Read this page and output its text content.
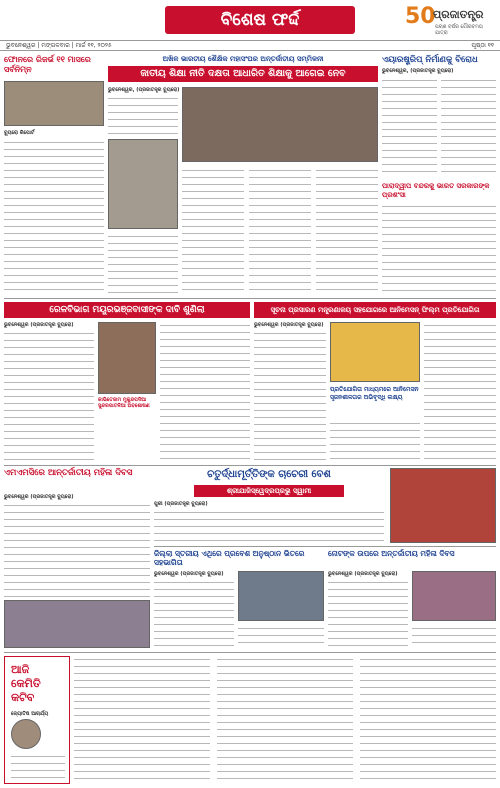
ବିଶେଷ ଫର୍ଦ୍ଦ	50
ପ୍ରଜାତନ୍ତ୍ର
ପଚାଶ ବର୍ଷର ଗୌରବମୟ ଯାତ୍ରା
ଭୁବନେଶ୍ୱର | ମଙ୍ଗଳବାର | ମାର୍ଚ୍ଚ ୧୧, ୨୦୨୫	ପୃଷ୍ଠା ୧୧
ଫୋନରେ ରିଜର୍ଭ ୧୧ ମାସରେ ସର୍ବନିମ୍ନ
ବ୍ୟୁରୋ ରିପୋର୍ଟ
ଅଖିଳ ଭାରତୀୟ ଶୈକ୍ଷିକ ମହାସଂଘର ଅନ୍ତର୍ଜାତୀୟ ସମ୍ମିଳନୀ
ଜାତୀୟ ଶିକ୍ଷା ନୀତି ଦକ୍ଷତା ଆଧାରିତ ଶିକ୍ଷାକୁ ଆଗେଇ ନେବ
ଭୁବନେଶ୍ୱର, (ପ୍ରଜାତନ୍ତ୍ର ବ୍ୟୁରୋ)
ଏୟାରଷ୍ଟ୍ରିପ୍ ନିର୍ମାଣକୁ ବିରୋଧ
ଭୁବନେଶ୍ୱର, (ପ୍ରଜାତନ୍ତ୍ର ବ୍ୟୁରୋ)
ପାରାଦ୍ୱୀପ ବନ୍ଦରକୁ ଭାରତ ସରକାରଙ୍କ ପ୍ରଶଂସା
ରେଳବିଭାଗ ମୟୂରଭଞ୍ଜବାସୀଙ୍କ ଦାବି ଶୁଣିଲା
ଭୁବନେଶ୍ୱର (ପ୍ରଜାତନ୍ତ୍ର ବ୍ୟୁରୋ)
କାଭିତେଜାମ ମୁକୁନ୍ଦପଦିଆ ସୁନ୍ଦରପାତଳିଆ ଅବଶୋଷଣ
ସୂଚନା ପ୍ରସାରଣ ମନ୍ତ୍ରଣାଳୟ ସହଯୋଗରେ ଆନିମେସନ୍ ଫିଲ୍ମ ପ୍ରତିଯୋଗିତା
ଭୁବନେଶ୍ୱର (ପ୍ରଜାତନ୍ତ୍ର ବ୍ୟୁରୋ)
ପ୍ରତିଯୋଗିତା ମାଧ୍ୟମରେ ଆନିମେସନ ସୃଜନଶୀଳତାର ଅଭିବୃଦ୍ଧି ଲକ୍ଷ୍ୟ
ଏମଏମସିରେ ଆନ୍ତର୍ଜାତୀୟ ମହିଳା ଦିବସ
ଭୁବନେଶ୍ୱର (ପ୍ରଜାତନ୍ତ୍ର ବ୍ୟୁରୋ)
ଚତୁର୍ଦ୍ଧାମୂର୍ତ୍ତିଙ୍କ ଚାଚେରୀ ବେଶ
ଶ୍ରୀଯାଜିସ୍ୱେଦ୍ରପ୍ରଭୁ ସ୍ୱାମୀ
ପୁରୀ (ପ୍ରଜାତନ୍ତ୍ର ବ୍ୟୁରୋ)
ଜିଲ୍ଲା ସ୍ତରୀୟ ଏଥିରେ ପ୍ରବେଶ ଅନୁଷ୍ଠାନ ଭିତରେ ସହଭାଗିତା
ଭୁବନେଶ୍ୱର (ପ୍ରଜାତନ୍ତ୍ର ବ୍ୟୁରୋ)
ନୋଟଙ୍କ ଉପରେ ଅନ୍ତର୍ଜାତୀୟ ମହିଳା ଦିବସ
ଭୁବନେଶ୍ୱର (ପ୍ରଜାତନ୍ତ୍ର ବ୍ୟୁରୋ)
ଆଜି
କେମିତି
କଟିବ
ଜ୍ୟୋତିଷ ଆଚାର୍ଯ୍ୟ
